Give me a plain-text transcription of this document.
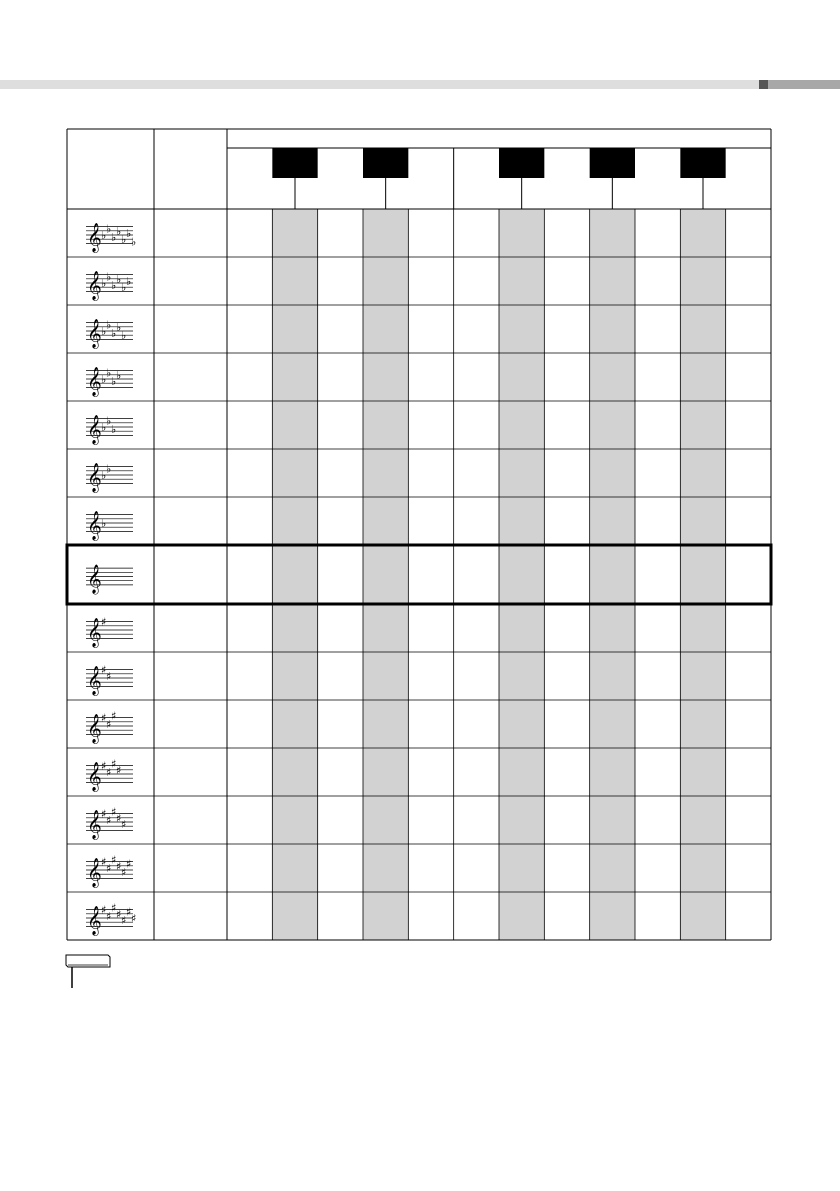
𝄞 ♭ ♭
♭ ♭
♭ ♭
♭
𝄞 ♭ ♭
♭ ♭
♭ ♭
𝄞 ♭ ♭
♭ ♭
♭
𝄞 ♭ ♭
♭ ♭
𝄞 ♭ ♭
♭
𝄞 ♭ ♭
𝄞 ♭
𝄞
𝄞 ♯
𝄞 ♯ ♯
𝄞 ♯ ♯
♯
𝄞 ♯ ♯
♯ ♯
𝄞 ♯ ♯
♯ ♯ ♯
𝄞 ♯ ♯
♯ ♯ ♯
♯
𝄞 ♯ ♯
♯ ♯ ♯
♯ ♯
